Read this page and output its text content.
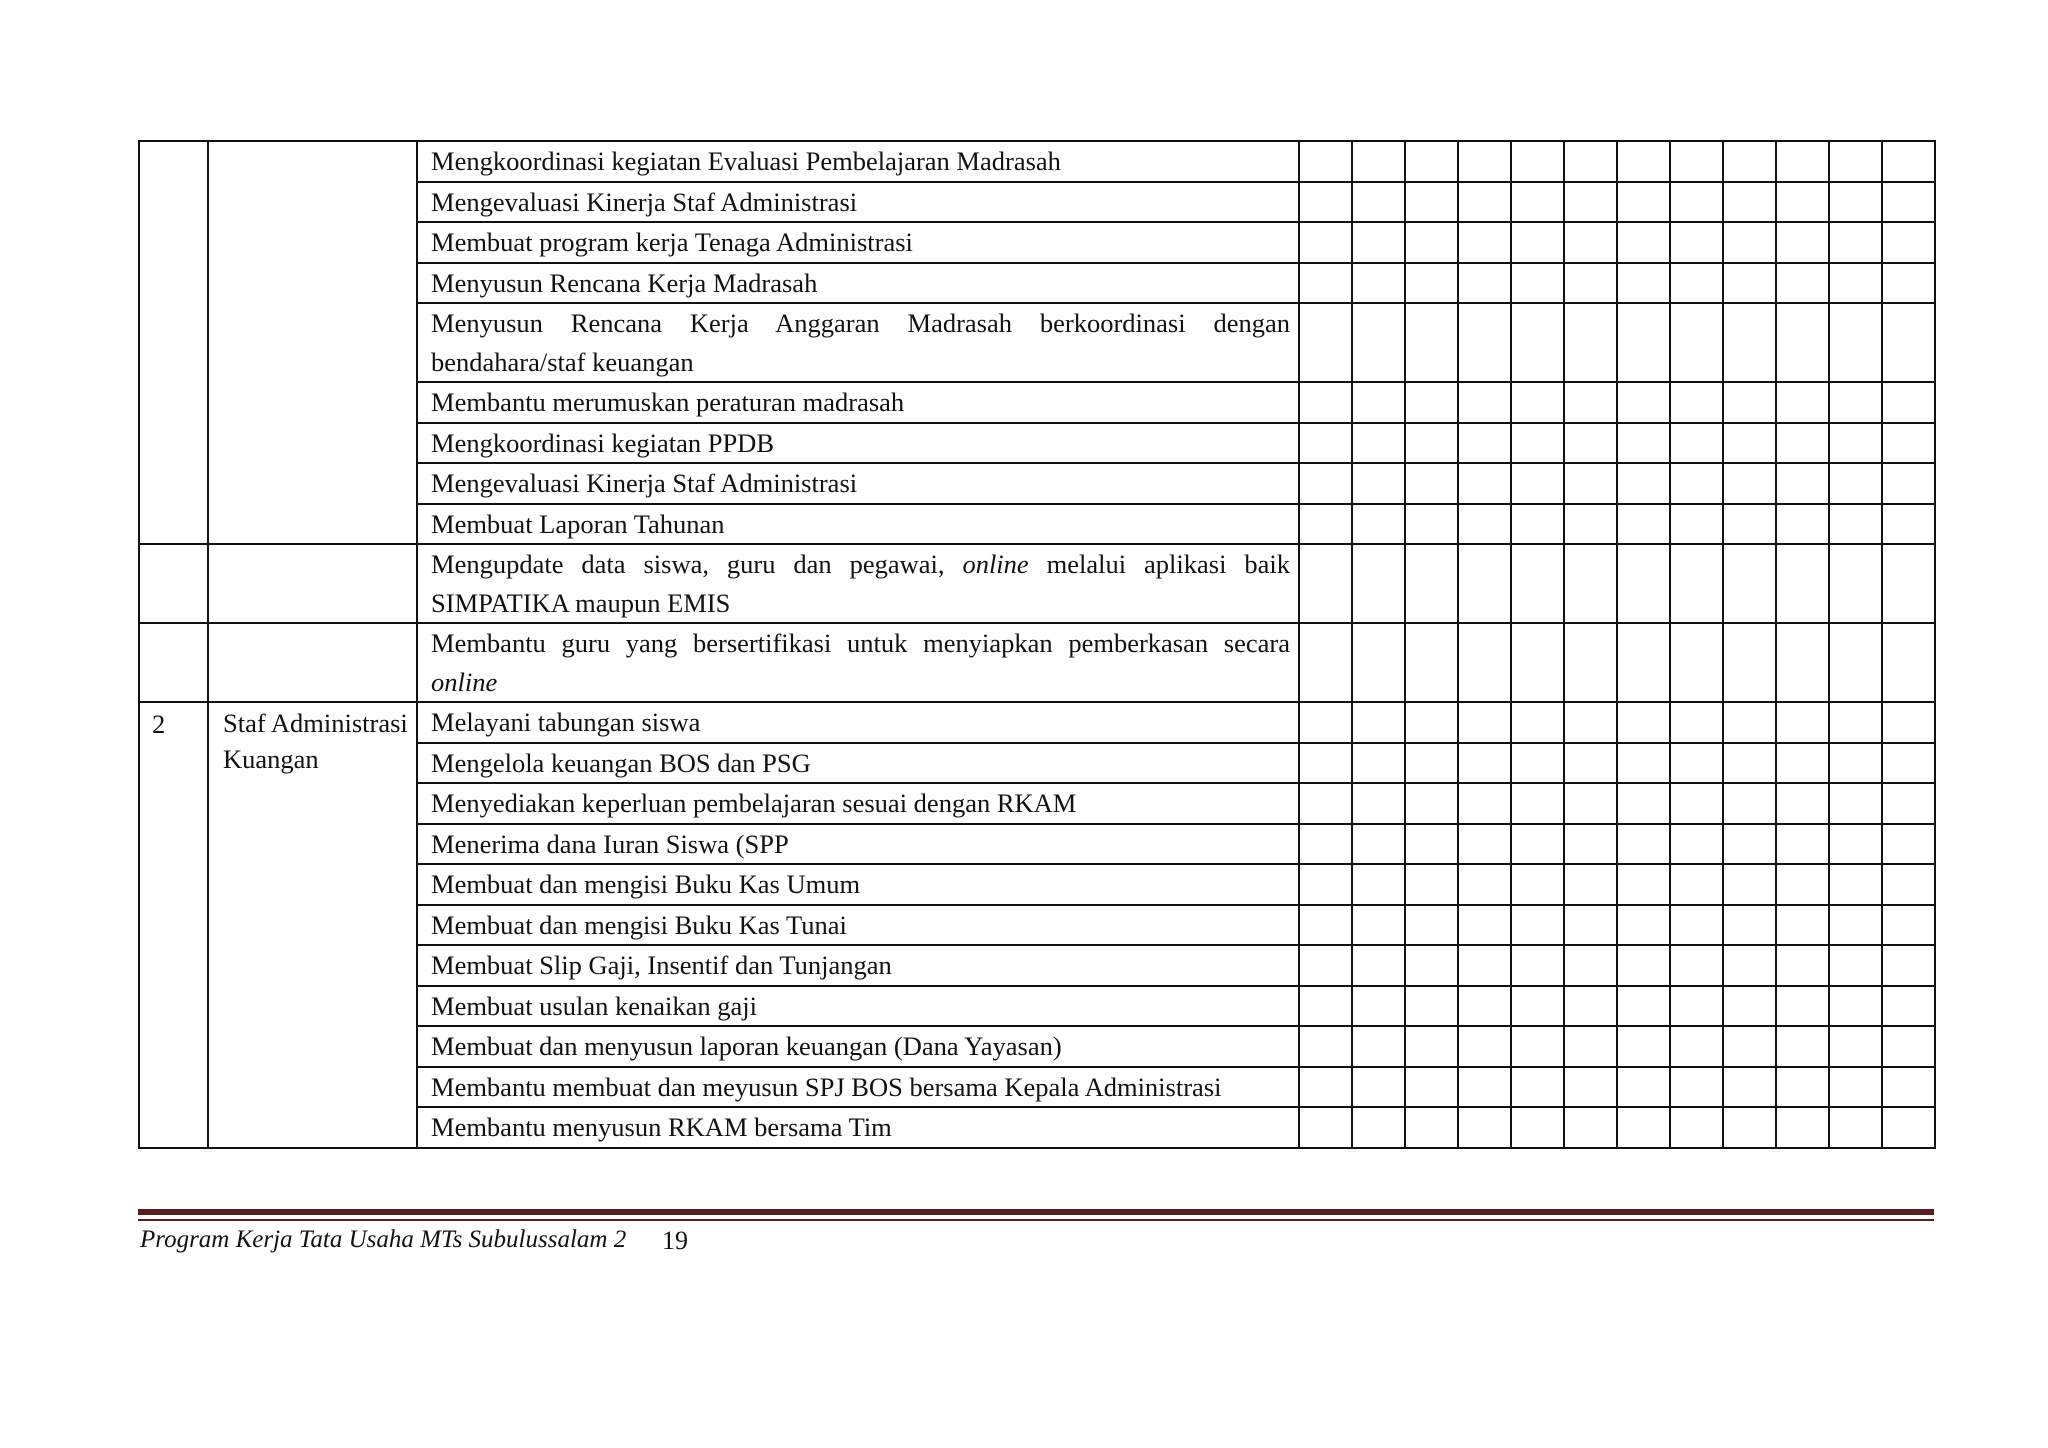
		Mengkoordinasi kegiatan Evaluasi Pembelajaran Madrasah												
		Mengevaluasi Kinerja Staf Administrasi												
		Membuat program kerja Tenaga Administrasi												
		Menyusun Rencana Kerja Madrasah												
		Menyusun Rencana Kerja Anggaran Madrasah berkoordinasi dengan bendahara/staf keuangan												
		Membantu merumuskan peraturan madrasah												
		Mengkoordinasi kegiatan PPDB												
		Mengevaluasi Kinerja Staf Administrasi												
		Membuat Laporan Tahunan												
		Mengupdate data siswa, guru dan pegawai, online melalui aplikasi baik SIMPATIKA maupun EMIS												
		Membantu guru yang bersertifikasi untuk menyiapkan pemberkasan secara online												
2	Staf Administrasi Kuangan	Melayani tabungan siswa												
		Mengelola keuangan BOS dan PSG												
		Menyediakan keperluan pembelajaran sesuai dengan RKAM												
		Menerima dana Iuran Siswa (SPP												
		Membuat dan mengisi Buku Kas Umum												
		Membuat dan mengisi Buku Kas Tunai												
		Membuat Slip Gaji, Insentif dan Tunjangan												
		Membuat usulan kenaikan gaji												
		Membuat dan menyusun laporan keuangan (Dana Yayasan)												
		Membantu membuat dan meyusun SPJ BOS bersama Kepala Administrasi												
		Membantu menyusun RKAM bersama Tim												
Program Kerja Tata Usaha MTs Subulussalam 2 19
